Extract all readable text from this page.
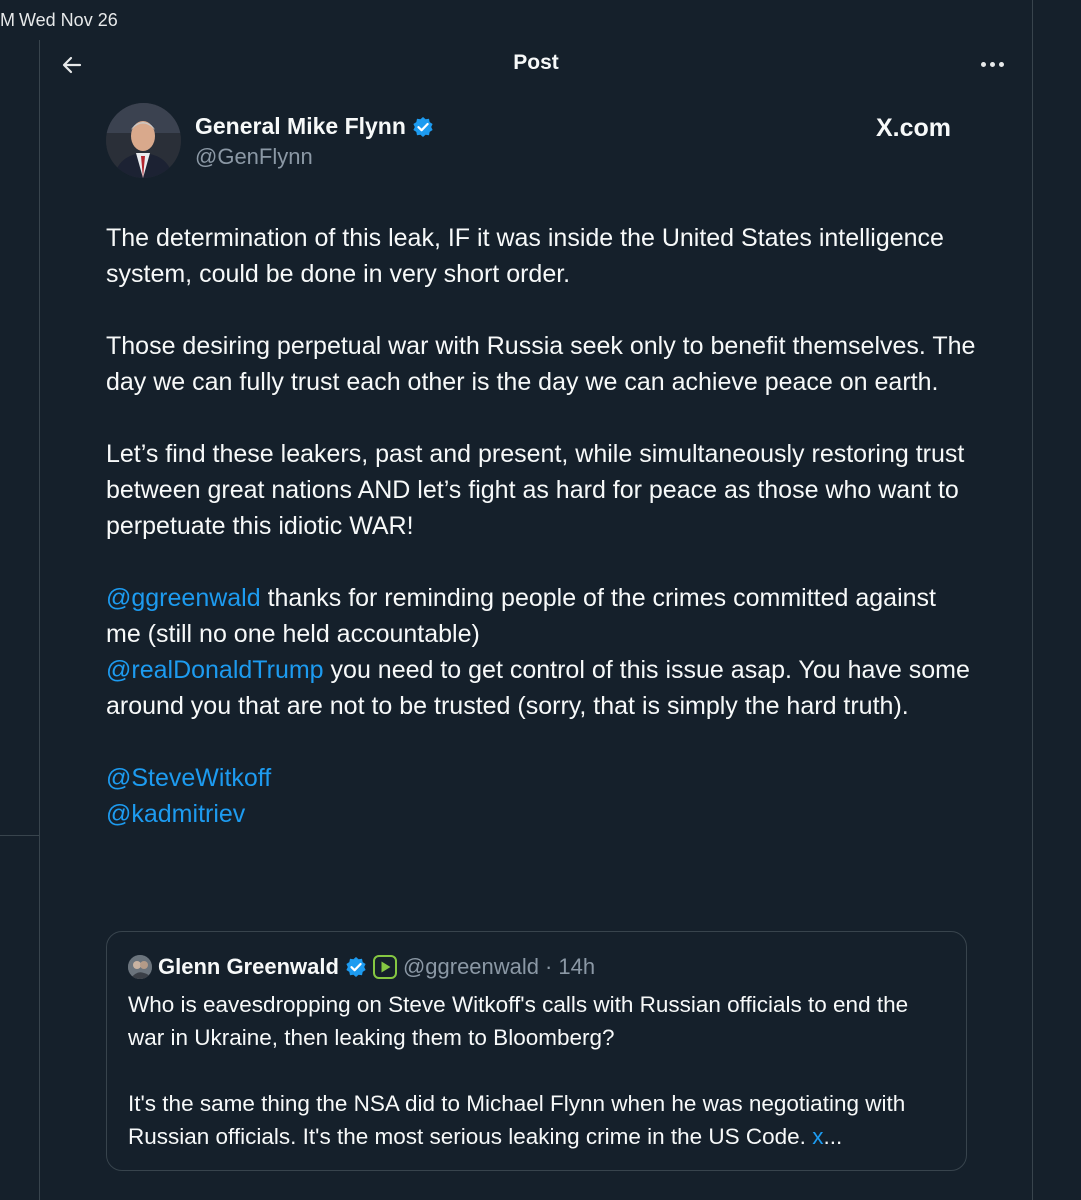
M Wed Nov 26
Post
General Mike Flynn
@GenFlynn
X.com

The determination of this leak, IF it was inside the United States intelligence system, could be done in very short order.

Those desiring perpetual war with Russia seek only to benefit themselves. The day we can fully trust each other is the day we can achieve peace on earth.

Let’s find these leakers, past and present, while simultaneously restoring trust between great nations AND let’s fight as hard for peace as those who want to perpetuate this idiotic WAR!

@ggreenwald thanks for reminding people of the crimes committed against me (still no one held accountable)

@realDonaldTrump you need to get control of this issue asap. You have some around you that are not to be trusted (sorry, that is simply the hard truth).

@SteveWitkoff

@kadmitriev

Glenn Greenwald	@ggreenwald · 14h

Who is eavesdropping on Steve Witkoff's calls with Russian officials to end the war in Ukraine, then leaking them to Bloomberg?

It's the same thing the NSA did to Michael Flynn when he was negotiating with Russian officials. It's the most serious leaking crime in the US Code. x...
